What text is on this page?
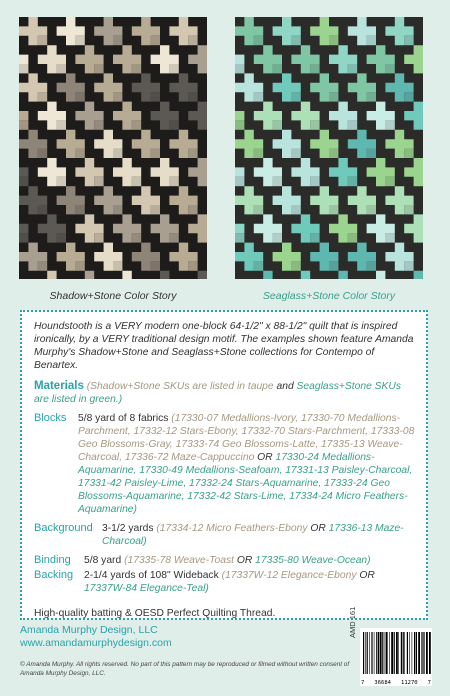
Shadow+Stone Color Story	Seaglass+Stone Color Story

Houndstooth is a VERY modern one-block 64-1/2" x 88-1/2" quilt that is inspired ironically, by a VERY traditional design motif. The examples shown feature Amanda Murphy's Shadow+Stone and Seaglass+Stone collections for Contempo of Benartex.

Materials (Shadow+Stone SKUs are listed in taupe and Seaglass+Stone SKUs are listed in green.)

Blocks	5/8 yard of 8 fabrics (17330-07 Medallions-Ivory, 17330-70 Medallions-Parchment, 17332-12 Stars-Ebony, 17332-70 Stars-Parchment, 17333-08 Geo Blossoms-Gray, 17333-74 Geo Blossoms-Latte, 17335-13 Weave-Charcoal, 17336-72 Maze-Cappuccino OR 17330-24 Medallions-Aquamarine, 17330-49 Medallions-Seafoam, 17331-13 Paisley-Charcoal, 17331-42 Paisley-Lime, 17332-24 Stars-Aquamarine, 17333-24 Geo Blossoms-Aquamarine, 17332-42 Stars-Lime, 17334-24 Micro Feathers-Aquamarine)
Background 3-1/2 yards (17334-12 Micro Feathers-Ebony OR 17336-13 Maze-Charcoal)
Binding	5/8 yard (17335-78 Weave-Toast OR 17335-80 Weave-Ocean)
Backing	2-1/4 yards of 108" Wideback (17337W-12 Elegance-Ebony OR 17337W-84 Elegance-Teal)

High-quality batting & OESD Perfect Quilting Thread.

Amanda Murphy Design, LLC
www.amandamurphydesign.com
© Amanda Murphy. All rights reserved. No part of this pattern may be reproduced or filmed without written consent of Amanda Murphy Design, LLC.
AMD 161
7 36684 11270 7
